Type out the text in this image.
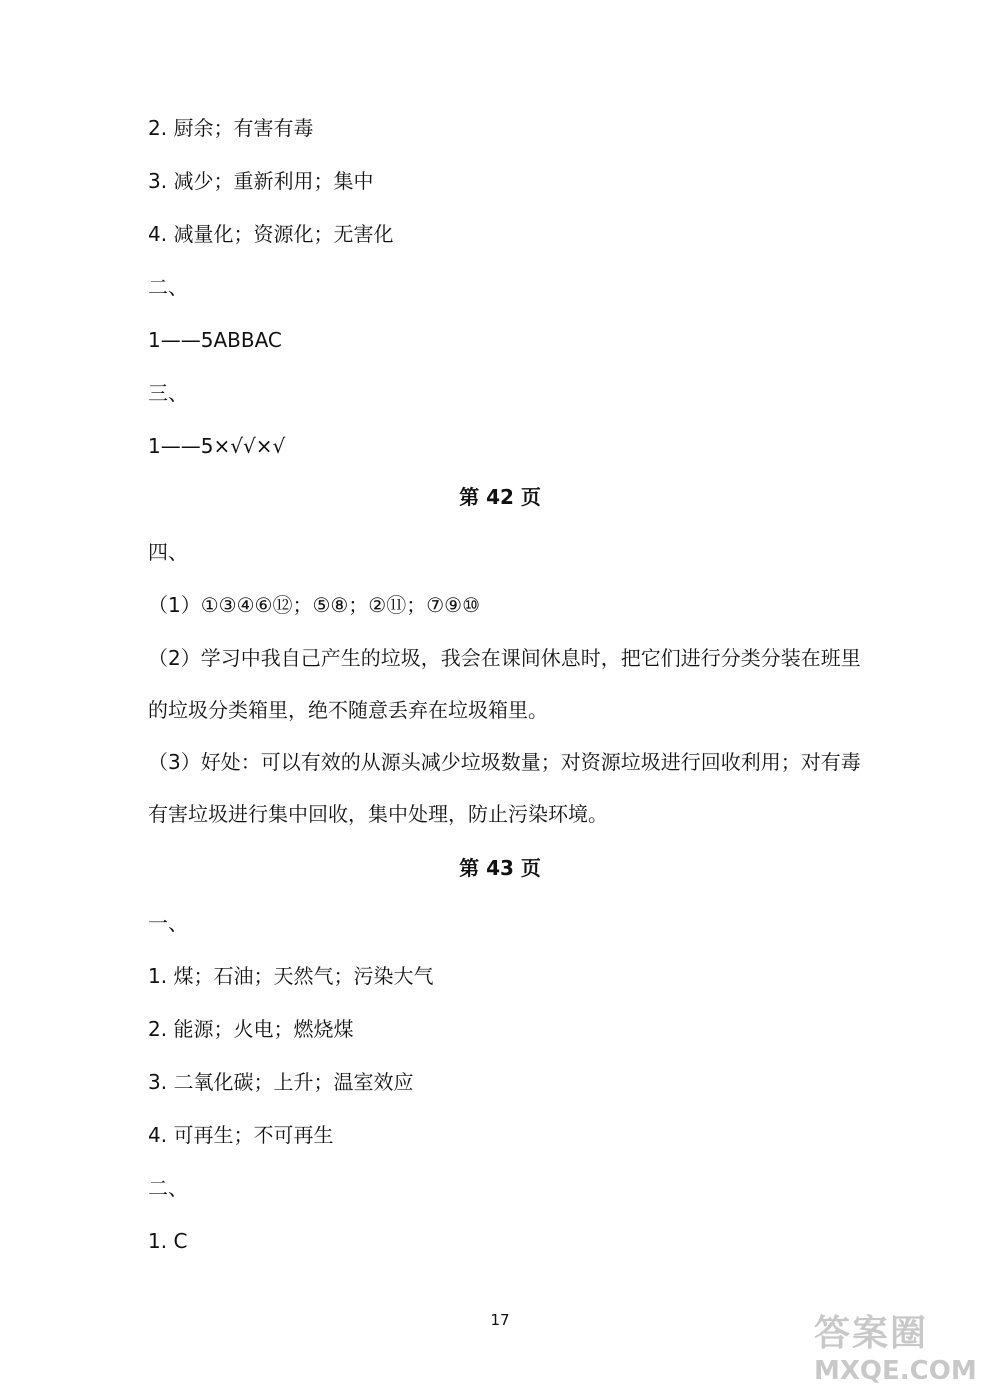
2. 厨余；有害有毒
3. 减少；重新利用；集中
4. 减量化；资源化；无害化
二、
1——5ABBAC
三、
1——5×√√×√
第 42 页
四、
（1）①③④⑥⑫；⑤⑧；②⑪；⑦⑨⑩
（2）学习中我自己产生的垃圾，我会在课间休息时，把它们进行分类分装在班里的垃圾分类箱里，绝不随意丢弃在垃圾箱里。
（3）好处：可以有效的从源头减少垃圾数量；对资源垃圾进行回收利用；对有毒有害垃圾进行集中回收，集中处理，防止污染环境。
第 43 页
一、
1. 煤；石油；天然气；污染大气
2. 能源；火电；燃烧煤
3. 二氧化碳；上升；温室效应
4. 可再生；不可再生
二、
1. C
17	答案圈
MXQE.COM
